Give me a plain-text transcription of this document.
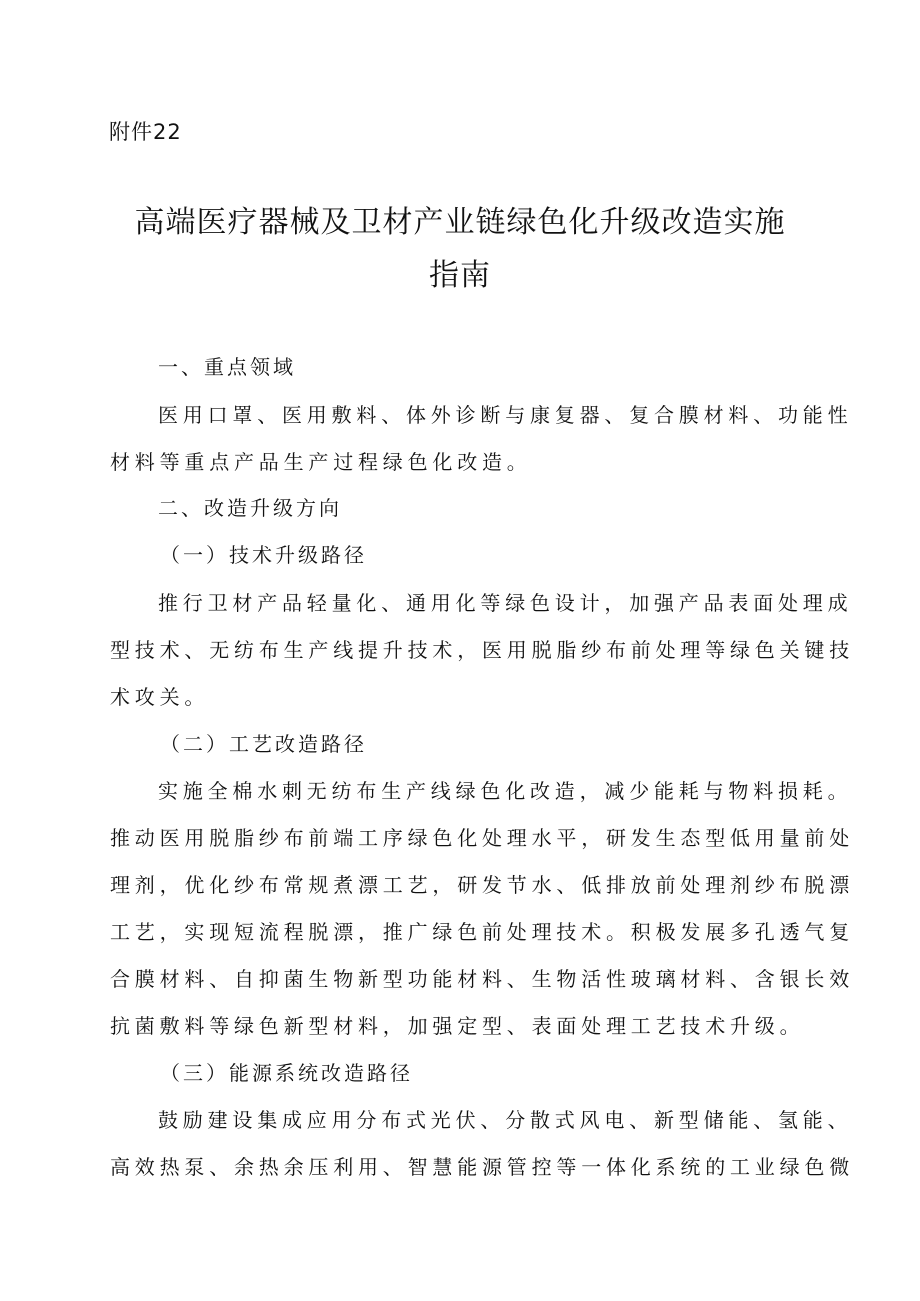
附件22
高端医疗器械及卫材产业链绿色化升级改造实施
指南
一、重点领域
医用口罩、医用敷料、体外诊断与康复器、复合膜材料、功能性
材料等重点产品生产过程绿色化改造。
二、改造升级方向
（一）技术升级路径
推行卫材产品轻量化、通用化等绿色设计，加强产品表面处理成
型技术、无纺布生产线提升技术，医用脱脂纱布前处理等绿色关键技
术攻关。
（二）工艺改造路径
实施全棉水刺无纺布生产线绿色化改造，减少能耗与物料损耗。
推动医用脱脂纱布前端工序绿色化处理水平，研发生态型低用量前处
理剂，优化纱布常规煮漂工艺，研发节水、低排放前处理剂纱布脱漂
工艺，实现短流程脱漂，推广绿色前处理技术。积极发展多孔透气复
合膜材料、自抑菌生物新型功能材料、生物活性玻璃材料、含银长效
抗菌敷料等绿色新型材料，加强定型、表面处理工艺技术升级。
（三）能源系统改造路径
鼓励建设集成应用分布式光伏、分散式风电、新型储能、氢能、
高效热泵、余热余压利用、智慧能源管控等一体化系统的工业绿色微
